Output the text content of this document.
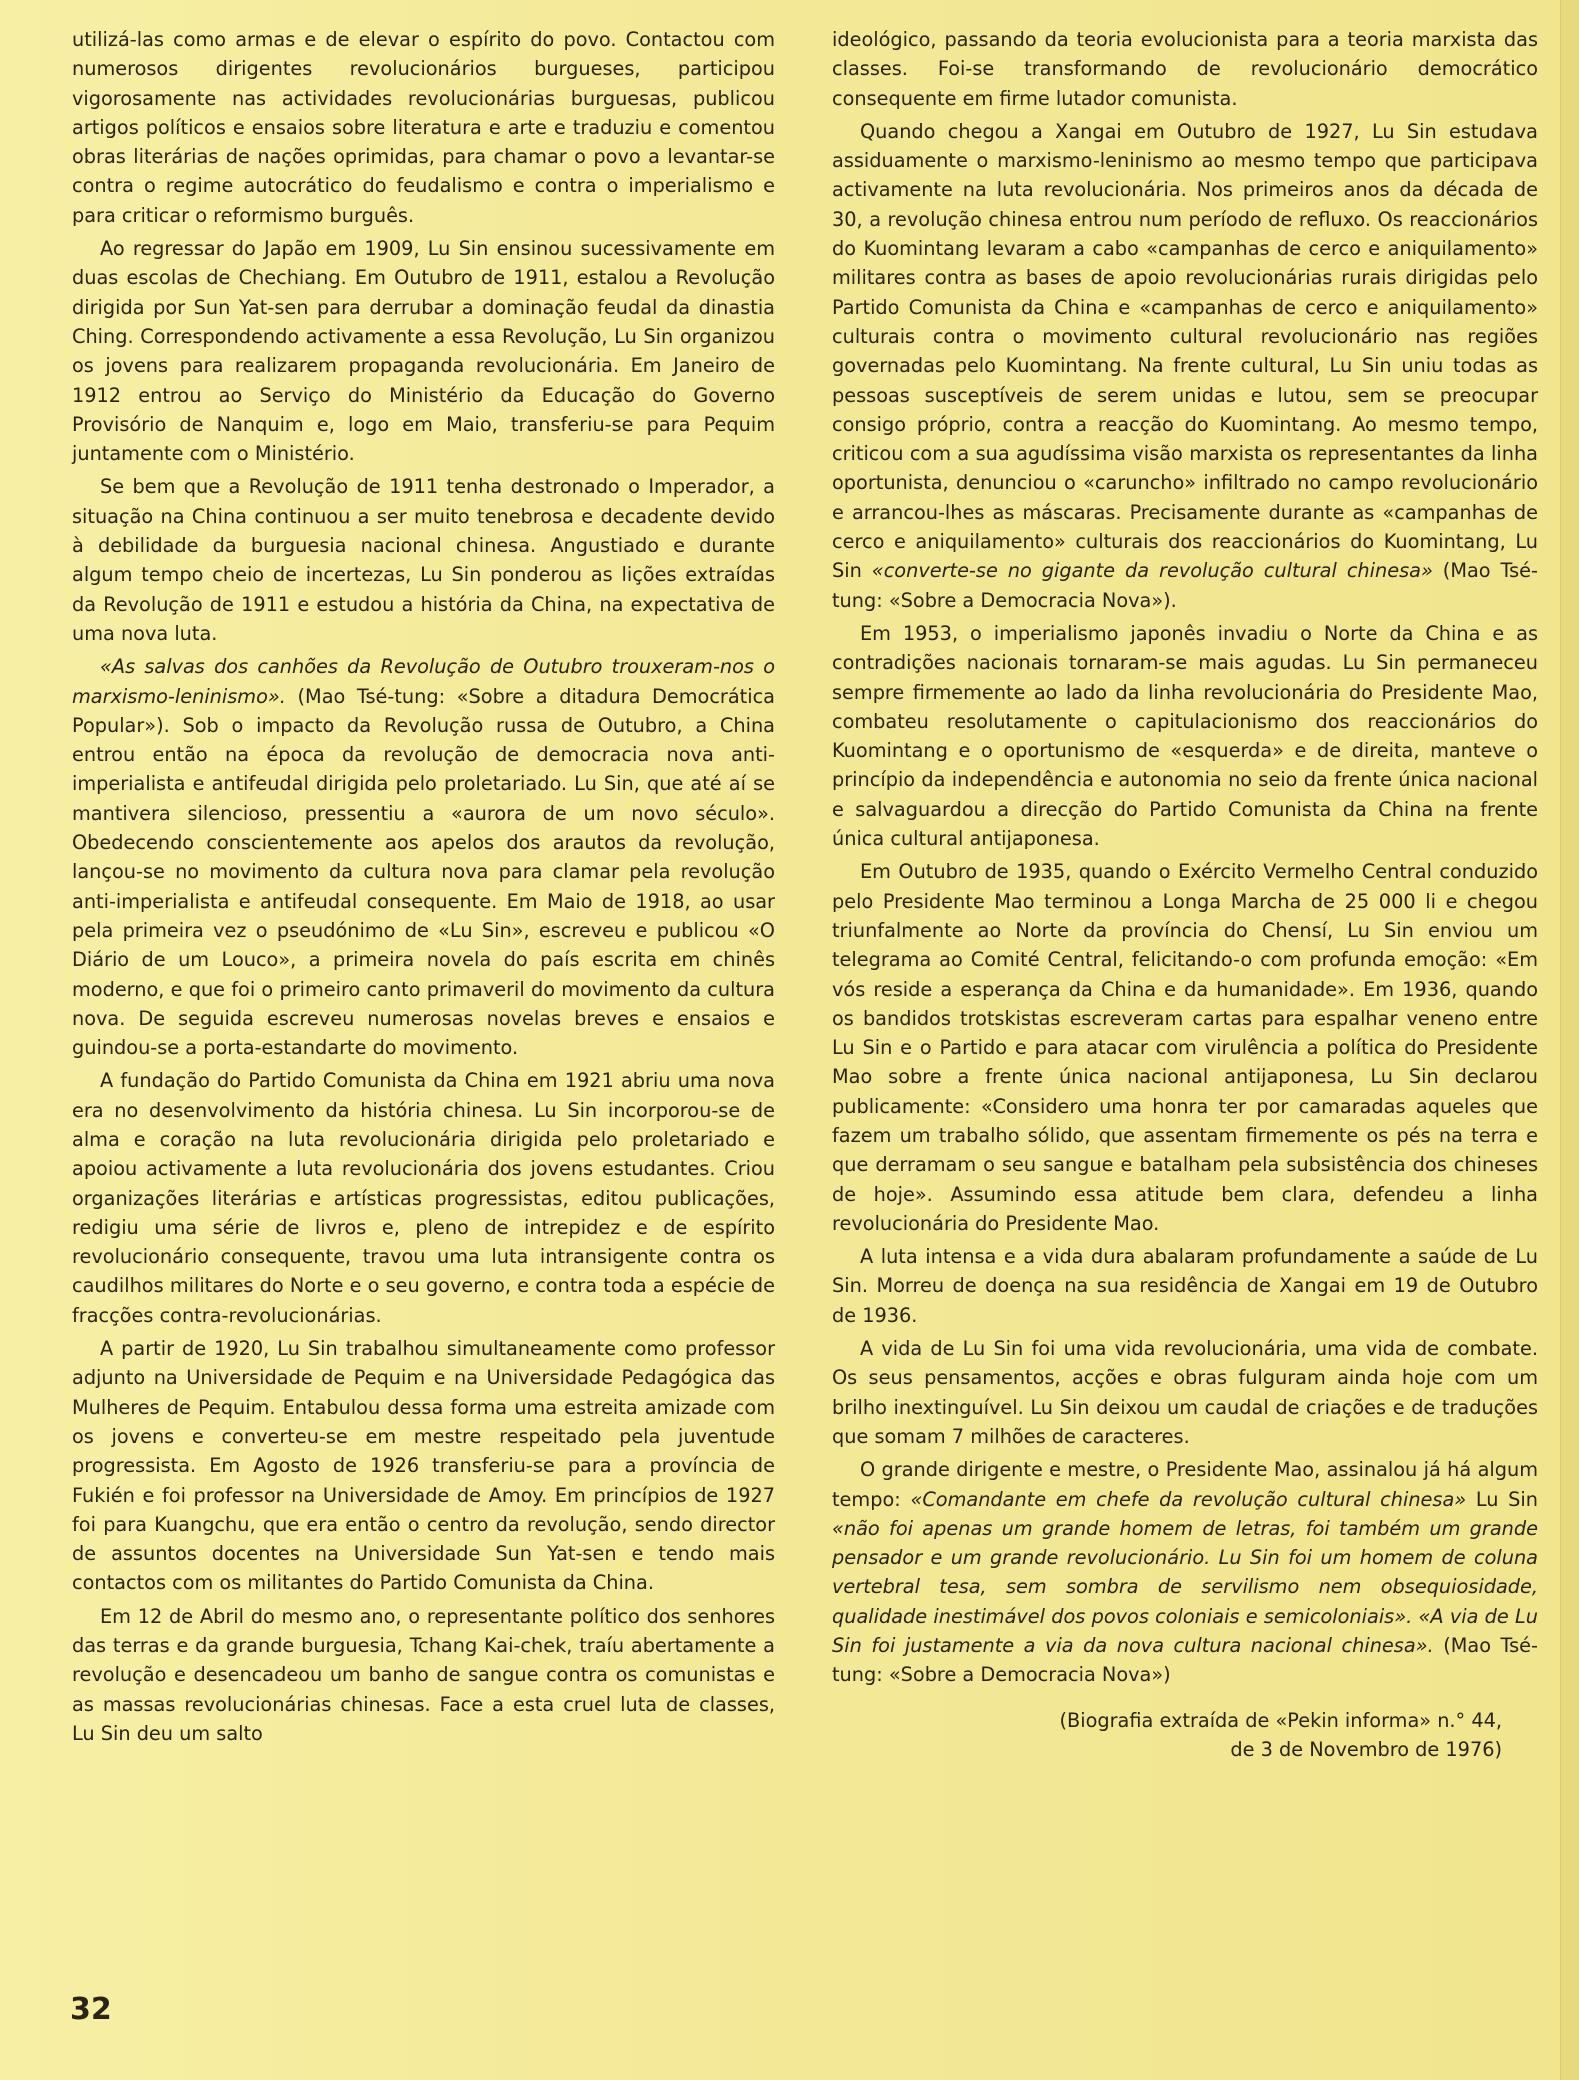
utilizá-las como armas e de elevar o espírito do povo. Contactou com numerosos dirigentes revolucionários burgueses, participou vigorosamente nas actividades revolucionárias burguesas, publicou artigos políticos e ensaios sobre literatura e arte e traduziu e comentou obras literárias de nações oprimidas, para chamar o povo a levantar-se contra o regime autocrático do feudalismo e contra o imperialismo e para criticar o reformismo burguês.

Ao regressar do Japão em 1909, Lu Sin ensinou sucessivamente em duas escolas de Chechiang. Em Outubro de 1911, estalou a Revolução dirigida por Sun Yat-sen para derrubar a dominação feudal da dinastia Ching. Correspondendo activamente a essa Revolução, Lu Sin organizou os jovens para realizarem propaganda revolucionária. Em Janeiro de 1912 entrou ao Serviço do Ministério da Educação do Governo Provisório de Nanquim e, logo em Maio, transferiu-se para Pequim juntamente com o Ministério.

Se bem que a Revolução de 1911 tenha destronado o Imperador, a situação na China continuou a ser muito tenebrosa e decadente devido à debilidade da burguesia nacional chinesa. Angustiado e durante algum tempo cheio de incertezas, Lu Sin ponderou as lições extraídas da Revolução de 1911 e estudou a história da China, na expectativa de uma nova luta.

«As salvas dos canhões da Revolução de Outubro trouxeram-nos o marxismo-leninismo». (Mao Tsé-tung: «Sobre a ditadura Democrática Popular»). Sob o impacto da Revolução russa de Outubro, a China entrou então na época da revolução de democracia nova anti-imperialista e antifeudal dirigida pelo proletariado. Lu Sin, que até aí se mantivera silencioso, pressentiu a «aurora de um novo século». Obedecendo conscientemente aos apelos dos arautos da revolução, lançou-se no movimento da cultura nova para clamar pela revolução anti-imperialista e antifeudal consequente. Em Maio de 1918, ao usar pela primeira vez o pseudónimo de «Lu Sin», escreveu e publicou «O Diário de um Louco», a primeira novela do país escrita em chinês moderno, e que foi o primeiro canto primaveril do movimento da cultura nova. De seguida escreveu numerosas novelas breves e ensaios e guindou-se a porta-estandarte do movimento.

A fundação do Partido Comunista da China em 1921 abriu uma nova era no desenvolvimento da história chinesa. Lu Sin incorporou-se de alma e coração na luta revolucionária dirigida pelo proletariado e apoiou activamente a luta revolucionária dos jovens estudantes. Criou organizações literárias e artísticas progressistas, editou publicações, redigiu uma série de livros e, pleno de intrepidez e de espírito revolucionário consequente, travou uma luta intransigente contra os caudilhos militares do Norte e o seu governo, e contra toda a espécie de fracções contra-revolucionárias.

A partir de 1920, Lu Sin trabalhou simultaneamente como professor adjunto na Universidade de Pequim e na Universidade Pedagógica das Mulheres de Pequim. Entabulou dessa forma uma estreita amizade com os jovens e converteu-se em mestre respeitado pela juventude progressista. Em Agosto de 1926 transferiu-se para a província de Fukién e foi professor na Universidade de Amoy. Em princípios de 1927 foi para Kuangchu, que era então o centro da revolução, sendo director de assuntos docentes na Universidade Sun Yat-sen e tendo mais contactos com os militantes do Partido Comunista da China.

Em 12 de Abril do mesmo ano, o representante político dos senhores das terras e da grande burguesia, Tchang Kai-chek, traíu abertamente a revolução e desencadeou um banho de sangue contra os comunistas e as massas revolucionárias chinesas. Face a esta cruel luta de classes, Lu Sin deu um salto

ideológico, passando da teoria evolucionista para a teoria marxista das classes. Foi-se transformando de revolucionário democrático consequente em firme lutador comunista.

Quando chegou a Xangai em Outubro de 1927, Lu Sin estudava assiduamente o marxismo-leninismo ao mesmo tempo que participava activamente na luta revolucionária. Nos primeiros anos da década de 30, a revolução chinesa entrou num período de refluxo. Os reaccionários do Kuomintang levaram a cabo «campanhas de cerco e aniquilamento» militares contra as bases de apoio revolucionárias rurais dirigidas pelo Partido Comunista da China e «campanhas de cerco e aniquilamento» culturais contra o movimento cultural revolucionário nas regiões governadas pelo Kuomintang. Na frente cultural, Lu Sin uniu todas as pessoas susceptíveis de serem unidas e lutou, sem se preocupar consigo próprio, contra a reacção do Kuomintang. Ao mesmo tempo, criticou com a sua agudíssima visão marxista os representantes da linha oportunista, denunciou o «caruncho» infiltrado no campo revolucionário e arrancou-lhes as máscaras. Precisamente durante as «campanhas de cerco e aniquilamento» culturais dos reaccionários do Kuomintang, Lu Sin «converte-se no gigante da revolução cultural chinesa» (Mao Tsé-tung: «Sobre a Democracia Nova»).

Em 1953, o imperialismo japonês invadiu o Norte da China e as contradições nacionais tornaram-se mais agudas. Lu Sin permaneceu sempre firmemente ao lado da linha revolucionária do Presidente Mao, combateu resolutamente o capitulacionismo dos reaccionários do Kuomintang e o oportunismo de «esquerda» e de direita, manteve o princípio da independência e autonomia no seio da frente única nacional e salvaguardou a direcção do Partido Comunista da China na frente única cultural antijaponesa.

Em Outubro de 1935, quando o Exército Vermelho Central conduzido pelo Presidente Mao terminou a Longa Marcha de 25 000 li e chegou triunfalmente ao Norte da província do Chensí, Lu Sin enviou um telegrama ao Comité Central, felicitando-o com profunda emoção: «Em vós reside a esperança da China e da humanidade». Em 1936, quando os bandidos trotskistas escreveram cartas para espalhar veneno entre Lu Sin e o Partido e para atacar com virulência a política do Presidente Mao sobre a frente única nacional antijaponesa, Lu Sin declarou publicamente: «Considero uma honra ter por camaradas aqueles que fazem um trabalho sólido, que assentam firmemente os pés na terra e que derramam o seu sangue e batalham pela subsistência dos chineses de hoje». Assumindo essa atitude bem clara, defendeu a linha revolucionária do Presidente Mao.

A luta intensa e a vida dura abalaram profundamente a saúde de Lu Sin. Morreu de doença na sua residência de Xangai em 19 de Outubro de 1936.

A vida de Lu Sin foi uma vida revolucionária, uma vida de combate. Os seus pensamentos, acções e obras fulguram ainda hoje com um brilho inextinguível. Lu Sin deixou um caudal de criações e de traduções que somam 7 milhões de caracteres.

O grande dirigente e mestre, o Presidente Mao, assinalou já há algum tempo: «Comandante em chefe da revolução cultural chinesa» Lu Sin «não foi apenas um grande homem de letras, foi também um grande pensador e um grande revolucionário. Lu Sin foi um homem de coluna vertebral tesa, sem sombra de servilismo nem obsequiosidade, qualidade inestimável dos povos coloniais e semicoloniais». «A via de Lu Sin foi justamente a via da nova cultura nacional chinesa». (Mao Tsé-tung: «Sobre a Democracia Nova»)

(Biografia extraída de «Pekin informa» n.° 44,
de 3 de Novembro de 1976)

32
